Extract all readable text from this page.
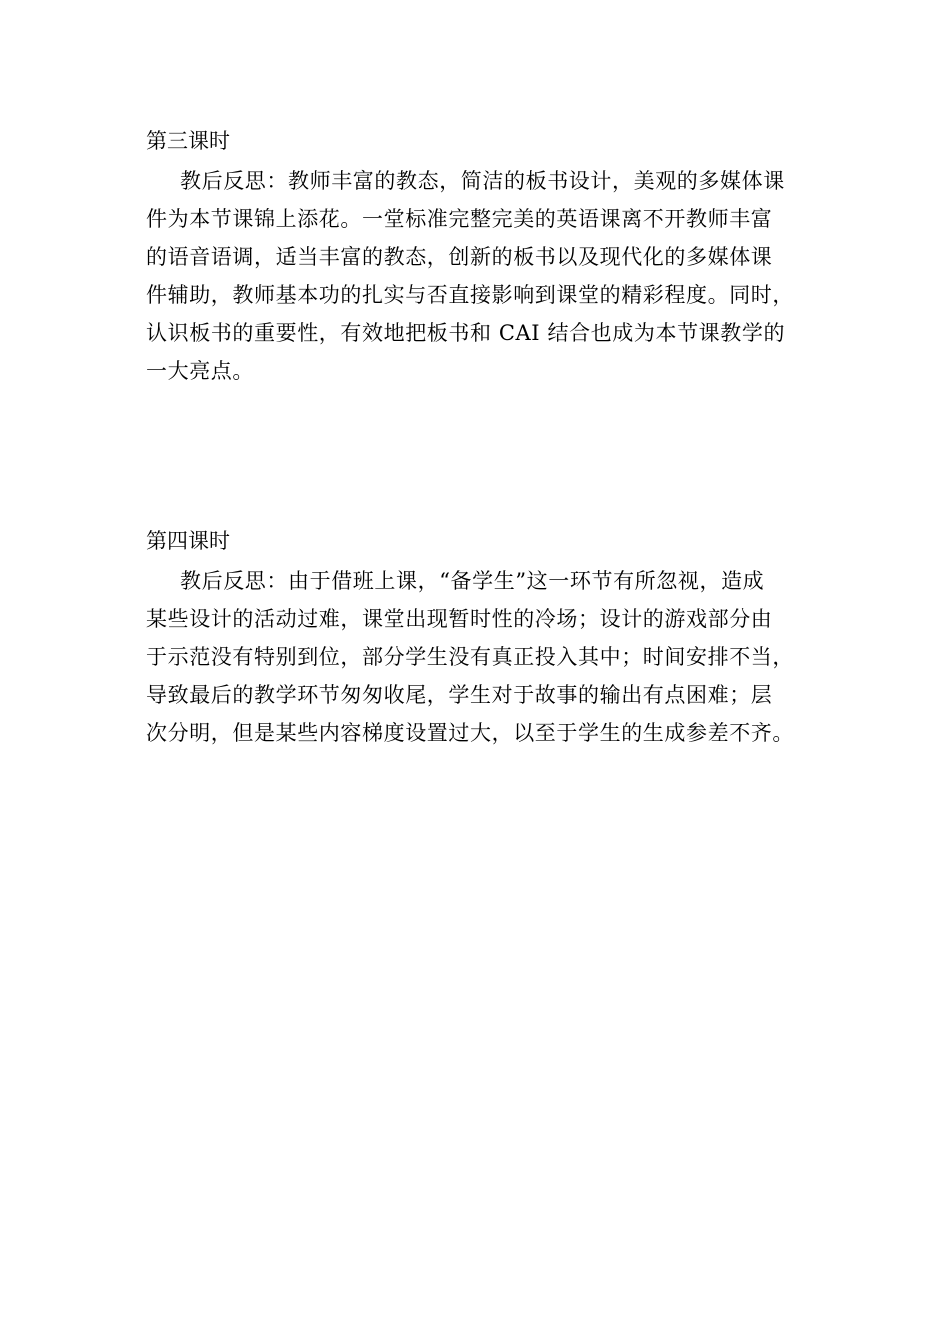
第三课时
教后反思：教师丰富的教态，简洁的板书设计，美观的多媒体课
件为本节课锦上添花。一堂标准完整完美的英语课离不开教师丰富
的语音语调，适当丰富的教态，创新的板书以及现代化的多媒体课
件辅助，教师基本功的扎实与否直接影响到课堂的精彩程度。同时，
认识板书的重要性，有效地把板书和 CAI 结合也成为本节课教学的
一大亮点。
第四课时
教后反思：由于借班上课，“备学生”这一环节有所忽视，造成
某些设计的活动过难，课堂出现暂时性的冷场；设计的游戏部分由
于示范没有特别到位，部分学生没有真正投入其中；时间安排不当，
导致最后的教学环节匆匆收尾，学生对于故事的输出有点困难；层
次分明，但是某些内容梯度设置过大，以至于学生的生成参差不齐。
